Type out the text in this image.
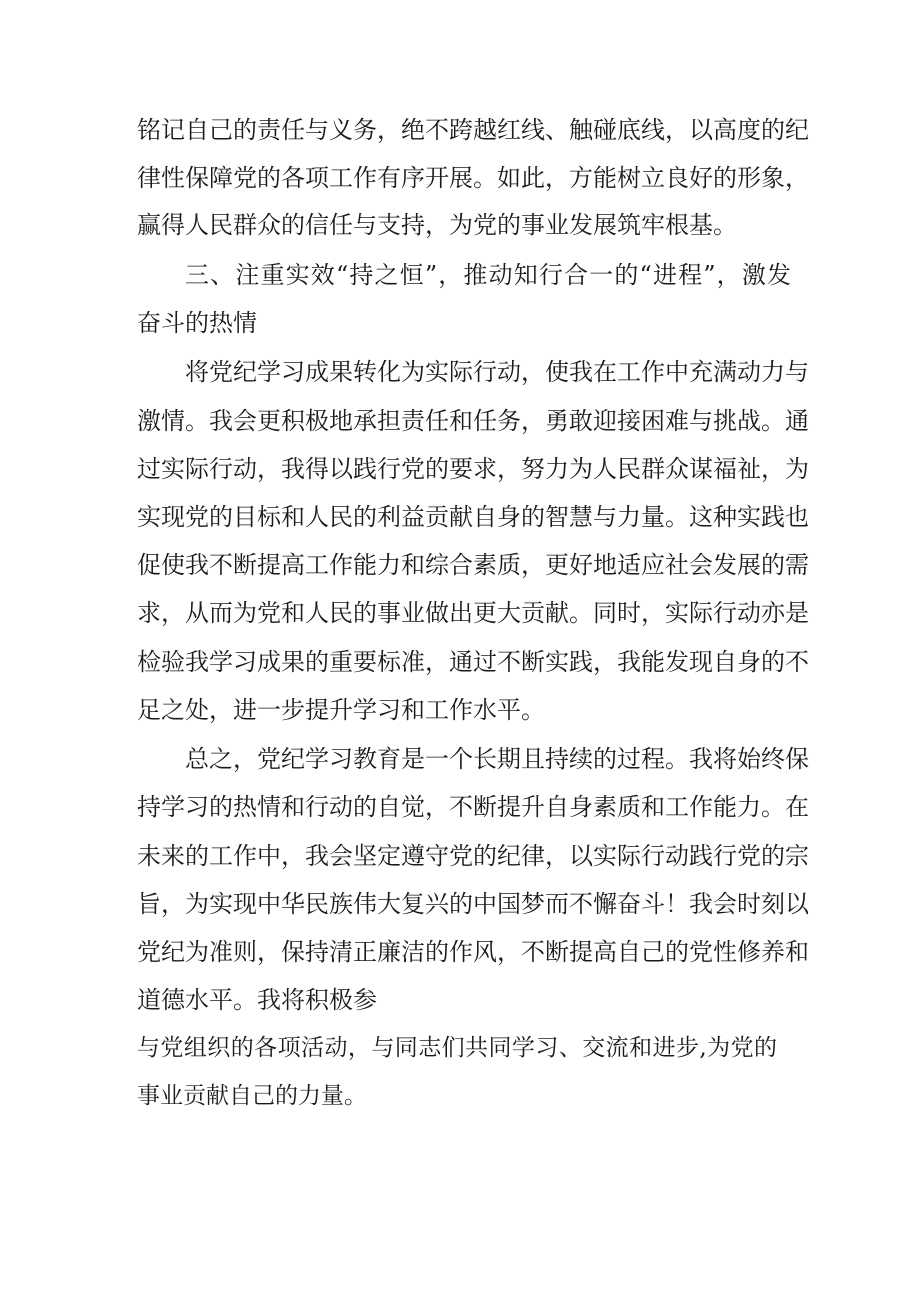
铭记自己的责任与义务，绝不跨越红线、触碰底线，以高度的纪
律性保障党的各项工作有序开展。如此，方能树立良好的形象，
赢得人民群众的信任与支持，为党的事业发展筑牢根基。
三、注重实效“持之恒”，推动知行合一的“进程”，激发
奋斗的热情
将党纪学习成果转化为实际行动，使我在工作中充满动力与
激情。我会更积极地承担责任和任务，勇敢迎接困难与挑战。通
过实际行动，我得以践行党的要求，努力为人民群众谋福祉，为
实现党的目标和人民的利益贡献自身的智慧与力量。这种实践也
促使我不断提高工作能力和综合素质，更好地适应社会发展的需
求，从而为党和人民的事业做出更大贡献。同时，实际行动亦是
检验我学习成果的重要标准，通过不断实践，我能发现自身的不
足之处，进一步提升学习和工作水平。
总之，党纪学习教育是一个长期且持续的过程。我将始终保
持学习的热情和行动的自觉，不断提升自身素质和工作能力。在
未来的工作中，我会坚定遵守党的纪律，以实际行动践行党的宗
旨，为实现中华民族伟大复兴的中国梦而不懈奋斗！我会时刻以
党纪为准则，保持清正廉洁的作风，不断提高自己的党性修养和
道德水平。我将积极参
与党组织的各项活动，与同志们共同学习、交流和进步,为党的
事业贡献自己的力量。
